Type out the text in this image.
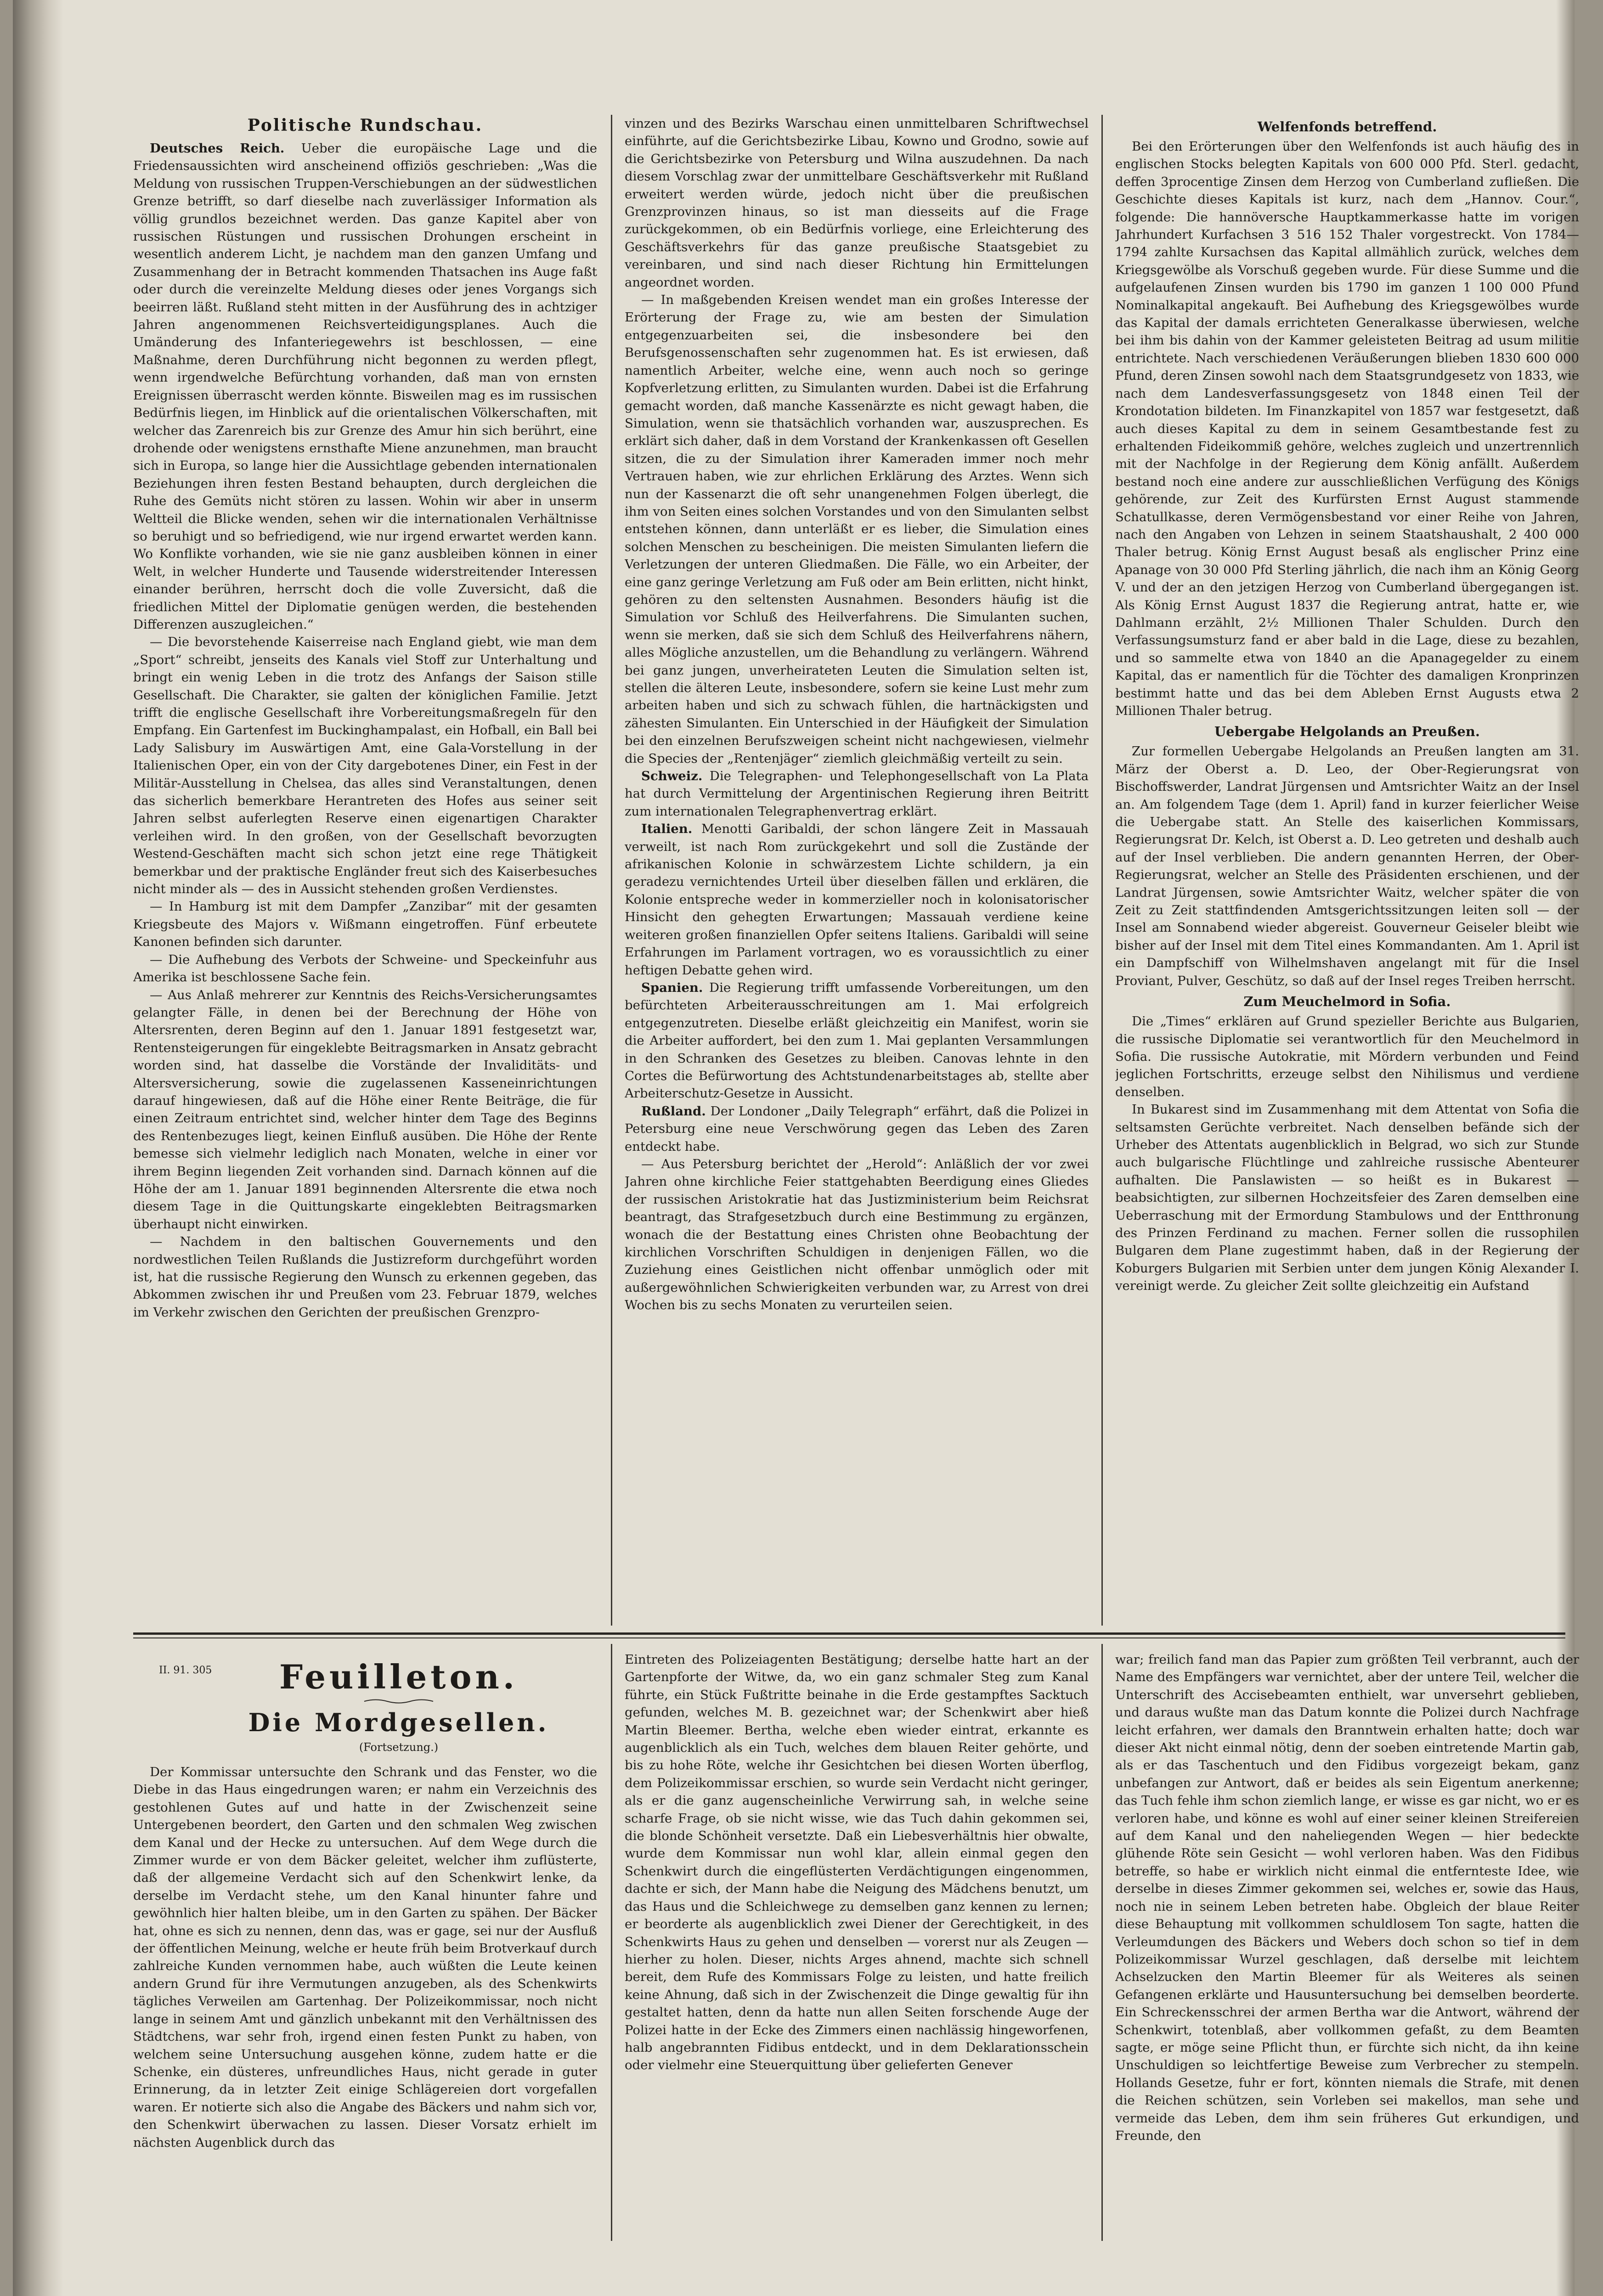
Politische Rundschau.

Deutsches Reich. Ueber die europäische Lage und die Friedensaussichten wird anscheinend offiziös geschrieben: „Was die Meldung von russischen Truppen-Verschiebungen an der südwestlichen Grenze betrifft, so darf dieselbe nach zuverlässiger Information als völlig grundlos bezeichnet werden. Das ganze Kapitel aber von russischen Rüstungen und russischen Drohungen erscheint in wesentlich anderem Licht, je nachdem man den ganzen Umfang und Zusammenhang der in Betracht kommenden Thatsachen ins Auge faßt oder durch die vereinzelte Meldung dieses oder jenes Vorgangs sich beeirren läßt. Rußland steht mitten in der Ausführung des in achtziger Jahren angenommenen Reichsverteidigungsplanes. Auch die Umänderung des Infanteriegewehrs ist beschlossen, — eine Maßnahme, deren Durchführung nicht begonnen zu werden pflegt, wenn irgendwelche Befürchtung vorhanden, daß man von ernsten Ereignissen überrascht werden könnte. Bisweilen mag es im russischen Bedürfnis liegen, im Hinblick auf die orientalischen Völkerschaften, mit welcher das Zarenreich bis zur Grenze des Amur hin sich berührt, eine drohende oder wenigstens ernsthafte Miene anzunehmen, man braucht sich in Europa, so lange hier die Aussichtlage gebenden internationalen Beziehungen ihren festen Bestand behaupten, durch dergleichen die Ruhe des Gemüts nicht stören zu lassen. Wohin wir aber in unserm Weltteil die Blicke wenden, sehen wir die internationalen Verhältnisse so beruhigt und so befriedigend, wie nur irgend erwartet werden kann. Wo Konflikte vorhanden, wie sie nie ganz ausbleiben können in einer Welt, in welcher Hunderte und Tausende widerstreitender Interessen einander berühren, herrscht doch die volle Zuversicht, daß die friedlichen Mittel der Diplomatie genügen werden, die bestehenden Differenzen auszugleichen.“

— Die bevorstehende Kaiserreise nach England giebt, wie man dem „Sport“ schreibt, jenseits des Kanals viel Stoff zur Unterhaltung und bringt ein wenig Leben in die trotz des Anfangs der Saison stille Gesellschaft. Die Charakter, sie galten der königlichen Familie. Jetzt trifft die englische Gesellschaft ihre Vorbereitungsmaßregeln für den Empfang. Ein Gartenfest im Buckinghampalast, ein Hofball, ein Ball bei Lady Salisbury im Auswärtigen Amt, eine Gala-Vorstellung in der Italienischen Oper, ein von der City dargebotenes Diner, ein Fest in der Militär-Ausstellung in Chelsea, das alles sind Veranstaltungen, denen das sicherlich bemerkbare Herantreten des Hofes aus seiner seit Jahren selbst auferlegten Reserve einen eigenartigen Charakter verleihen wird. In den großen, von der Gesellschaft bevorzugten Westend-Geschäften macht sich schon jetzt eine rege Thätigkeit bemerkbar und der praktische Engländer freut sich des Kaiserbesuches nicht minder als — des in Aussicht stehenden großen Verdienstes.

— In Hamburg ist mit dem Dampfer „Zanzibar“ mit der gesamten Kriegsbeute des Majors v. Wißmann eingetroffen. Fünf erbeutete Kanonen befinden sich darunter.

— Die Aufhebung des Verbots der Schweine- und Speckeinfuhr aus Amerika ist beschlossene Sache fein.

— Aus Anlaß mehrerer zur Kenntnis des Reichs-Versicherungsamtes gelangter Fälle, in denen bei der Berechnung der Höhe von Altersrenten, deren Beginn auf den 1. Januar 1891 festgesetzt war, Rentensteigerungen für eingeklebte Beitragsmarken in Ansatz gebracht worden sind, hat dasselbe die Vorstände der Invaliditäts- und Altersversicherung, sowie die zugelassenen Kasseneinrichtungen darauf hingewiesen, daß auf die Höhe einer Rente Beiträge, die für einen Zeitraum entrichtet sind, welcher hinter dem Tage des Beginns des Rentenbezuges liegt, keinen Einfluß ausüben. Die Höhe der Rente bemesse sich vielmehr lediglich nach Monaten, welche in einer vor ihrem Beginn liegenden Zeit vorhanden sind. Darnach können auf die Höhe der am 1. Januar 1891 beginnenden Altersrente die etwa noch diesem Tage in die Quittungskarte eingeklebten Beitragsmarken überhaupt nicht einwirken.

— Nachdem in den baltischen Gouvernements und den nordwestlichen Teilen Rußlands die Justizreform durchgeführt worden ist, hat die russische Regierung den Wunsch zu erkennen gegeben, das Abkommen zwischen ihr und Preußen vom 23. Februar 1879, welches im Verkehr zwischen den Gerichten der preußischen Grenzpro-

vinzen und des Bezirks Warschau einen unmittelbaren Schriftwechsel einführte, auf die Gerichtsbezirke Libau, Kowno und Grodno, sowie auf die Gerichtsbezirke von Petersburg und Wilna auszudehnen. Da nach diesem Vorschlag zwar der unmittelbare Geschäftsverkehr mit Rußland erweitert werden würde, jedoch nicht über die preußischen Grenzprovinzen hinaus, so ist man diesseits auf die Frage zurückgekommen, ob ein Bedürfnis vorliege, eine Erleichterung des Geschäftsverkehrs für das ganze preußische Staatsgebiet zu vereinbaren, und sind nach dieser Richtung hin Ermittelungen angeordnet worden.

— In maßgebenden Kreisen wendet man ein großes Interesse der Erörterung der Frage zu, wie am besten der Simulation entgegenzuarbeiten sei, die insbesondere bei den Berufsgenossenschaften sehr zugenommen hat. Es ist erwiesen, daß namentlich Arbeiter, welche eine, wenn auch noch so geringe Kopfverletzung erlitten, zu Simulanten wurden. Dabei ist die Erfahrung gemacht worden, daß manche Kassenärzte es nicht gewagt haben, die Simulation, wenn sie thatsächlich vorhanden war, auszusprechen. Es erklärt sich daher, daß in dem Vorstand der Krankenkassen oft Gesellen sitzen, die zu der Simulation ihrer Kameraden immer noch mehr Vertrauen haben, wie zur ehrlichen Erklärung des Arztes. Wenn sich nun der Kassenarzt die oft sehr unangenehmen Folgen überlegt, die ihm von Seiten eines solchen Vorstandes und von den Simulanten selbst entstehen können, dann unterläßt er es lieber, die Simulation eines solchen Menschen zu bescheinigen. Die meisten Simulanten liefern die Verletzungen der unteren Gliedmaßen. Die Fälle, wo ein Arbeiter, der eine ganz geringe Verletzung am Fuß oder am Bein erlitten, nicht hinkt, gehören zu den seltensten Ausnahmen. Besonders häufig ist die Simulation vor Schluß des Heilverfahrens. Die Simulanten suchen, wenn sie merken, daß sie sich dem Schluß des Heilverfahrens nähern, alles Mögliche anzustellen, um die Behandlung zu verlängern. Während bei ganz jungen, unverheirateten Leuten die Simulation selten ist, stellen die älteren Leute, insbesondere, sofern sie keine Lust mehr zum arbeiten haben und sich zu schwach fühlen, die hartnäckigsten und zähesten Simulanten. Ein Unterschied in der Häufigkeit der Simulation bei den einzelnen Berufszweigen scheint nicht nachgewiesen, vielmehr die Species der „Rentenjäger“ ziemlich gleichmäßig verteilt zu sein.

Schweiz. Die Telegraphen- und Telephongesellschaft von La Plata hat durch Vermittelung der Argentinischen Regierung ihren Beitritt zum internationalen Telegraphenvertrag erklärt.

Italien. Menotti Garibaldi, der schon längere Zeit in Massauah verweilt, ist nach Rom zurückgekehrt und soll die Zustände der afrikanischen Kolonie in schwärzestem Lichte schildern, ja ein geradezu vernichtendes Urteil über dieselben fällen und erklären, die Kolonie entspreche weder in kommerzieller noch in kolonisatorischer Hinsicht den gehegten Erwartungen; Massauah verdiene keine weiteren großen finanziellen Opfer seitens Italiens. Garibaldi will seine Erfahrungen im Parlament vortragen, wo es voraussichtlich zu einer heftigen Debatte gehen wird.

Spanien. Die Regierung trifft umfassende Vorbereitungen, um den befürchteten Arbeiterausschreitungen am 1. Mai erfolgreich entgegenzutreten. Dieselbe erläßt gleichzeitig ein Manifest, worin sie die Arbeiter auffordert, bei den zum 1. Mai geplanten Versammlungen in den Schranken des Gesetzes zu bleiben. Canovas lehnte in den Cortes die Befürwortung des Achtstundenarbeitstages ab, stellte aber Arbeiterschutz-Gesetze in Aussicht.

Rußland. Der Londoner „Daily Telegraph“ erfährt, daß die Polizei in Petersburg eine neue Verschwörung gegen das Leben des Zaren entdeckt habe.

— Aus Petersburg berichtet der „Herold“: Anläßlich der vor zwei Jahren ohne kirchliche Feier stattgehabten Beerdigung eines Gliedes der russischen Aristokratie hat das Justizministerium beim Reichsrat beantragt, das Strafgesetzbuch durch eine Bestimmung zu ergänzen, wonach die der Bestattung eines Christen ohne Beobachtung der kirchlichen Vorschriften Schuldigen in denjenigen Fällen, wo die Zuziehung eines Geistlichen nicht offenbar unmöglich oder mit außergewöhnlichen Schwierigkeiten verbunden war, zu Arrest von drei Wochen bis zu sechs Monaten zu verurteilen seien.

Welfenfonds betreffend.

Bei den Erörterungen über den Welfenfonds ist auch häufig des in englischen Stocks belegten Kapitals von 600 000 Pfd. Sterl. gedacht, deffen 3procentige Zinsen dem Herzog von Cumberland zufließen. Die Geschichte dieses Kapitals ist kurz, nach dem „Hannov. Cour.“, folgende: Die hannöversche Hauptkammerkasse hatte im vorigen Jahrhundert Kurfachsen 3 516 152 Thaler vorgestreckt. Von 1784—1794 zahlte Kursachsen das Kapital allmählich zurück, welches dem Kriegsgewölbe als Vorschuß gegeben wurde. Für diese Summe und die aufgelaufenen Zinsen wurden bis 1790 im ganzen 1 100 000 Pfund Nominalkapital angekauft. Bei Aufhebung des Kriegsgewölbes wurde das Kapital der damals errichteten Generalkasse überwiesen, welche bei ihm bis dahin von der Kammer geleisteten Beitrag ad usum militie entrichtete. Nach verschiedenen Veräußerungen blieben 1830 600 000 Pfund, deren Zinsen sowohl nach dem Staatsgrundgesetz von 1833, wie nach dem Landesverfassungsgesetz von 1848 einen Teil der Krondotation bildeten. Im Finanzkapitel von 1857 war festgesetzt, daß auch dieses Kapital zu dem in seinem Gesamtbestande fest zu erhaltenden Fideikommiß gehöre, welches zugleich und unzertrennlich mit der Nachfolge in der Regierung dem König anfällt. Außerdem bestand noch eine andere zur ausschließlichen Verfügung des Königs gehörende, zur Zeit des Kurfürsten Ernst August stammende Schatullkasse, deren Vermögensbestand vor einer Reihe von Jahren, nach den Angaben von Lehzen in seinem Staatshaushalt, 2 400 000 Thaler betrug. König Ernst August besaß als englischer Prinz eine Apanage von 30 000 Pfd Sterling jährlich, die nach ihm an König Georg V. und der an den jetzigen Herzog von Cumberland übergegangen ist. Als König Ernst August 1837 die Regierung antrat, hatte er, wie Dahlmann erzählt, 2½ Millionen Thaler Schulden. Durch den Verfassungsumsturz fand er aber bald in die Lage, diese zu bezahlen, und so sammelte etwa von 1840 an die Apanagegelder zu einem Kapital, das er namentlich für die Töchter des damaligen Kronprinzen bestimmt hatte und das bei dem Ableben Ernst Augusts etwa 2 Millionen Thaler betrug.

Uebergabe Helgolands an Preußen.

Zur formellen Uebergabe Helgolands an Preußen langten am 31. März der Oberst a. D. Leo, der Ober-Regierungsrat von Bischoffswerder, Landrat Jürgensen und Amtsrichter Waitz an der Insel an. Am folgendem Tage (dem 1. April) fand in kurzer feierlicher Weise die Uebergabe statt. An Stelle des kaiserlichen Kommissars, Regierungsrat Dr. Kelch, ist Oberst a. D. Leo getreten und deshalb auch auf der Insel verblieben. Die andern genannten Herren, der Ober-Regierungsrat, welcher an Stelle des Präsidenten erschienen, und der Landrat Jürgensen, sowie Amtsrichter Waitz, welcher später die von Zeit zu Zeit stattfindenden Amtsgerichtssitzungen leiten soll — der Insel am Sonnabend wieder abgereist. Gouverneur Geiseler bleibt wie bisher auf der Insel mit dem Titel eines Kommandanten. Am 1. April ist ein Dampfschiff von Wilhelmshaven angelangt mit für die Insel Proviant, Pulver, Geschütz, so daß auf der Insel reges Treiben herrscht.

Zum Meuchelmord in Sofia.

Die „Times“ erklären auf Grund spezieller Berichte aus Bulgarien, die russische Diplomatie sei verantwortlich für den Meuchelmord in Sofia. Die russische Autokratie, mit Mördern verbunden und Feind jeglichen Fortschritts, erzeuge selbst den Nihilismus und verdiene denselben.

In Bukarest sind im Zusammenhang mit dem Attentat von Sofia die seltsamsten Gerüchte verbreitet. Nach denselben befände sich der Urheber des Attentats augenblicklich in Belgrad, wo sich zur Stunde auch bulgarische Flüchtlinge und zahlreiche russische Abenteurer aufhalten. Die Panslawisten — so heißt es in Bukarest — beabsichtigten, zur silbernen Hochzeitsfeier des Zaren demselben eine Ueberraschung mit der Ermordung Stambulows und der Entthronung des Prinzen Ferdinand zu machen. Ferner sollen die russophilen Bulgaren dem Plane zugestimmt haben, daß in der Regierung der Koburgers Bulgarien mit Serbien unter dem jungen König Alexander I. vereinigt werde. Zu gleicher Zeit sollte gleichzeitig ein Aufstand

II. 91. 305 Feuilleton.
Die Mordgesellen.
(Fortsetzung.)

Der Kommissar untersuchte den Schrank und das Fenster, wo die Diebe in das Haus eingedrungen waren; er nahm ein Verzeichnis des gestohlenen Gutes auf und hatte in der Zwischenzeit seine Untergebenen beordert, den Garten und den schmalen Weg zwischen dem Kanal und der Hecke zu untersuchen. Auf dem Wege durch die Zimmer wurde er von dem Bäcker geleitet, welcher ihm zuflüsterte, daß der allgemeine Verdacht sich auf den Schenkwirt lenke, da derselbe im Verdacht stehe, um den Kanal hinunter fahre und gewöhnlich hier halten bleibe, um in den Garten zu spähen. Der Bäcker hat, ohne es sich zu nennen, denn das, was er gage, sei nur der Ausfluß der öffentlichen Meinung, welche er heute früh beim Brotverkauf durch zahlreiche Kunden vernommen habe, auch wüßten die Leute keinen andern Grund für ihre Vermutungen anzugeben, als des Schenkwirts tägliches Verweilen am Gartenhag. Der Polizeikommissar, noch nicht lange in seinem Amt und gänzlich unbekannt mit den Verhältnissen des Städtchens, war sehr froh, irgend einen festen Punkt zu haben, von welchem seine Untersuchung ausgehen könne, zudem hatte er die Schenke, ein düsteres, unfreundliches Haus, nicht gerade in guter Erinnerung, da in letzter Zeit einige Schlägereien dort vorgefallen waren. Er notierte sich also die Angabe des Bäckers und nahm sich vor, den Schenkwirt überwachen zu lassen. Dieser Vorsatz erhielt im nächsten Augenblick durch das

Eintreten des Polizeiagenten Bestätigung; derselbe hatte hart an der Gartenpforte der Witwe, da, wo ein ganz schmaler Steg zum Kanal führte, ein Stück Fußtritte beinahe in die Erde gestampftes Sacktuch gefunden, welches M. B. gezeichnet war; der Schenkwirt aber hieß Martin Bleemer. Bertha, welche eben wieder eintrat, erkannte es augenblicklich als ein Tuch, welches dem blauen Reiter gehörte, und bis zu hohe Röte, welche ihr Gesichtchen bei diesen Worten überflog, dem Polizeikommissar erschien, so wurde sein Verdacht nicht geringer, als er die ganz augenscheinliche Verwirrung sah, in welche seine scharfe Frage, ob sie nicht wisse, wie das Tuch dahin gekommen sei, die blonde Schönheit versetzte. Daß ein Liebesverhältnis hier obwalte, wurde dem Kommissar nun wohl klar, allein einmal gegen den Schenkwirt durch die eingeflüsterten Verdächtigungen eingenommen, dachte er sich, der Mann habe die Neigung des Mädchens benutzt, um das Haus und die Schleichwege zu demselben ganz kennen zu lernen; er beorderte als augenblicklich zwei Diener der Gerechtigkeit, in des Schenkwirts Haus zu gehen und denselben — vorerst nur als Zeugen — hierher zu holen. Dieser, nichts Arges ahnend, machte sich schnell bereit, dem Rufe des Kommissars Folge zu leisten, und hatte freilich keine Ahnung, daß sich in der Zwischenzeit die Dinge gewaltig für ihn gestaltet hatten, denn da hatte nun allen Seiten forschende Auge der Polizei hatte in der Ecke des Zimmers einen nachlässig hingeworfenen, halb angebrannten Fidibus entdeckt, und in dem Deklarationsschein oder vielmehr eine Steuerquittung über gelieferten Genever

war; freilich fand man das Papier zum größten Teil verbrannt, auch der Name des Empfängers war vernichtet, aber der untere Teil, welcher die Unterschrift des Accisebeamten enthielt, war unversehrt geblieben, und daraus wußte man das Datum konnte die Polizei durch Nachfrage leicht erfahren, wer damals den Branntwein erhalten hatte; doch war dieser Akt nicht einmal nötig, denn der soeben eintretende Martin gab, als er das Taschentuch und den Fidibus vorgezeigt bekam, ganz unbefangen zur Antwort, daß er beides als sein Eigentum anerkenne; das Tuch fehle ihm schon ziemlich lange, er wisse es gar nicht, wo er es verloren habe, und könne es wohl auf einer seiner kleinen Streifereien auf dem Kanal und den naheliegenden Wegen — hier bedeckte glühende Röte sein Gesicht — wohl verloren haben. Was den Fidibus betreffe, so habe er wirklich nicht einmal die entfernteste Idee, wie derselbe in dieses Zimmer gekommen sei, welches er, sowie das Haus, noch nie in seinem Leben betreten habe. Obgleich der blaue Reiter diese Behauptung mit vollkommen schuldlosem Ton sagte, hatten die Verleumdungen des Bäckers und Webers doch schon so tief in dem Polizeikommissar Wurzel geschlagen, daß derselbe mit leichtem Achselzucken den Martin Bleemer für als Weiteres als seinen Gefangenen erklärte und Hausuntersuchung bei demselben beorderte. Ein Schreckensschrei der armen Bertha war die Antwort, während der Schenkwirt, totenblaß, aber vollkommen gefaßt, zu dem Beamten sagte, er möge seine Pflicht thun, er fürchte sich nicht, da ihn keine Unschuldigen so leichtfertige Beweise zum Verbrecher zu stempeln. Hollands Gesetze, fuhr er fort, könnten niemals die Strafe, mit denen die Reichen schützen, sein Vorleben sei makellos, man sehe und vermeide das Leben, dem ihm sein früheres Gut erkundigen, und Freunde, den
